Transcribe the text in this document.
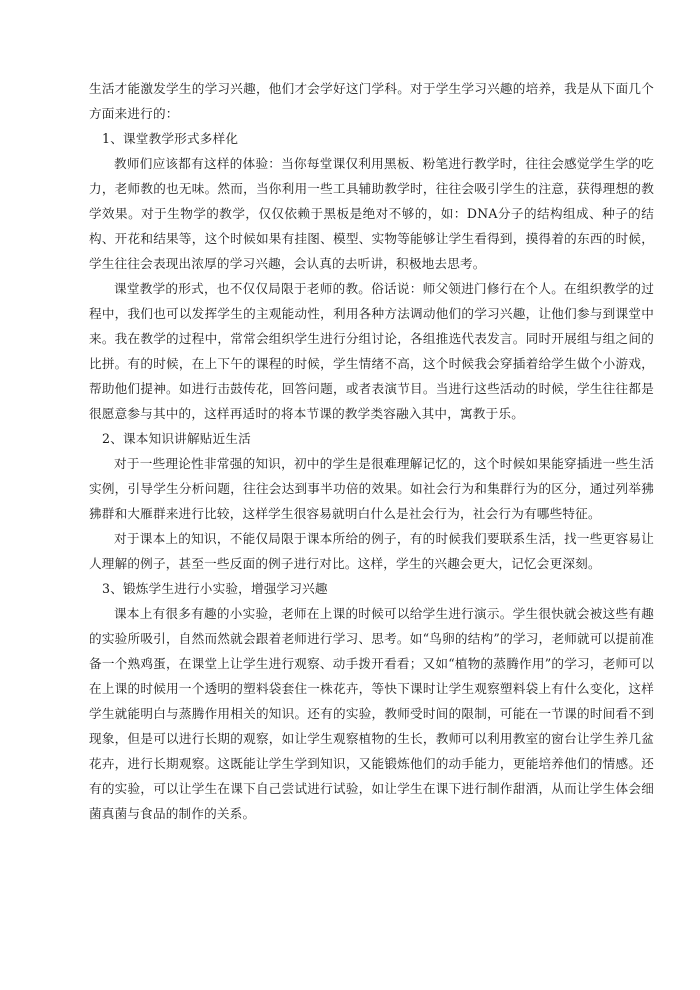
生活才能激发学生的学习兴趣，他们才会学好这门学科。对于学生学习兴趣的培养，我是从下面几个方面来进行的：

1、课堂教学形式多样化

教师们应该都有这样的体验：当你每堂课仅利用黑板、粉笔进行教学时，往往会感觉学生学的吃力，老师教的也无味。然而，当你利用一些工具辅助教学时，往往会吸引学生的注意，获得理想的教学效果。对于生物学的教学，仅仅依赖于黑板是绝对不够的，如：DNA分子的结构组成、种子的结构、开花和结果等，这个时候如果有挂图、模型、实物等能够让学生看得到，摸得着的东西的时候，学生往往会表现出浓厚的学习兴趣，会认真的去听讲，积极地去思考。

课堂教学的形式，也不仅仅局限于老师的教。俗话说：师父领进门修行在个人。在组织教学的过程中，我们也可以发挥学生的主观能动性，利用各种方法调动他们的学习兴趣，让他们参与到课堂中来。我在教学的过程中，常常会组织学生进行分组讨论，各组推选代表发言。同时开展组与组之间的比拼。有的时候，在上下午的课程的时候，学生情绪不高，这个时候我会穿插着给学生做个小游戏，帮助他们提神。如进行击鼓传花，回答问题，或者表演节目。当进行这些活动的时候，学生往往都是很愿意参与其中的，这样再适时的将本节课的教学类容融入其中，寓教于乐。

2、课本知识讲解贴近生活

对于一些理论性非常强的知识，初中的学生是很难理解记忆的，这个时候如果能穿插进一些生活实例，引导学生分析问题，往往会达到事半功倍的效果。如社会行为和集群行为的区分，通过列举狒狒群和大雁群来进行比较，这样学生很容易就明白什么是社会行为，社会行为有哪些特征。

对于课本上的知识，不能仅局限于课本所给的例子，有的时候我们要联系生活，找一些更容易让人理解的例子，甚至一些反面的例子进行对比。这样，学生的兴趣会更大，记忆会更深刻。

3、锻炼学生进行小实验，增强学习兴趣

课本上有很多有趣的小实验，老师在上课的时候可以给学生进行演示。学生很快就会被这些有趣的实验所吸引，自然而然就会跟着老师进行学习、思考。如“鸟卵的结构”的学习，老师就可以提前准备一个熟鸡蛋，在课堂上让学生进行观察、动手拨开看看；又如“植物的蒸腾作用”的学习，老师可以在上课的时候用一个透明的塑料袋套住一株花卉，等快下课时让学生观察塑料袋上有什么变化，这样学生就能明白与蒸腾作用相关的知识。还有的实验，教师受时间的限制，可能在一节课的时间看不到现象，但是可以进行长期的观察，如让学生观察植物的生长，教师可以利用教室的窗台让学生养几盆花卉，进行长期观察。这既能让学生学到知识，又能锻炼他们的动手能力，更能培养他们的情感。还有的实验，可以让学生在课下自己尝试进行试验，如让学生在课下进行制作甜酒，从而让学生体会细菌真菌与食品的制作的关系。
